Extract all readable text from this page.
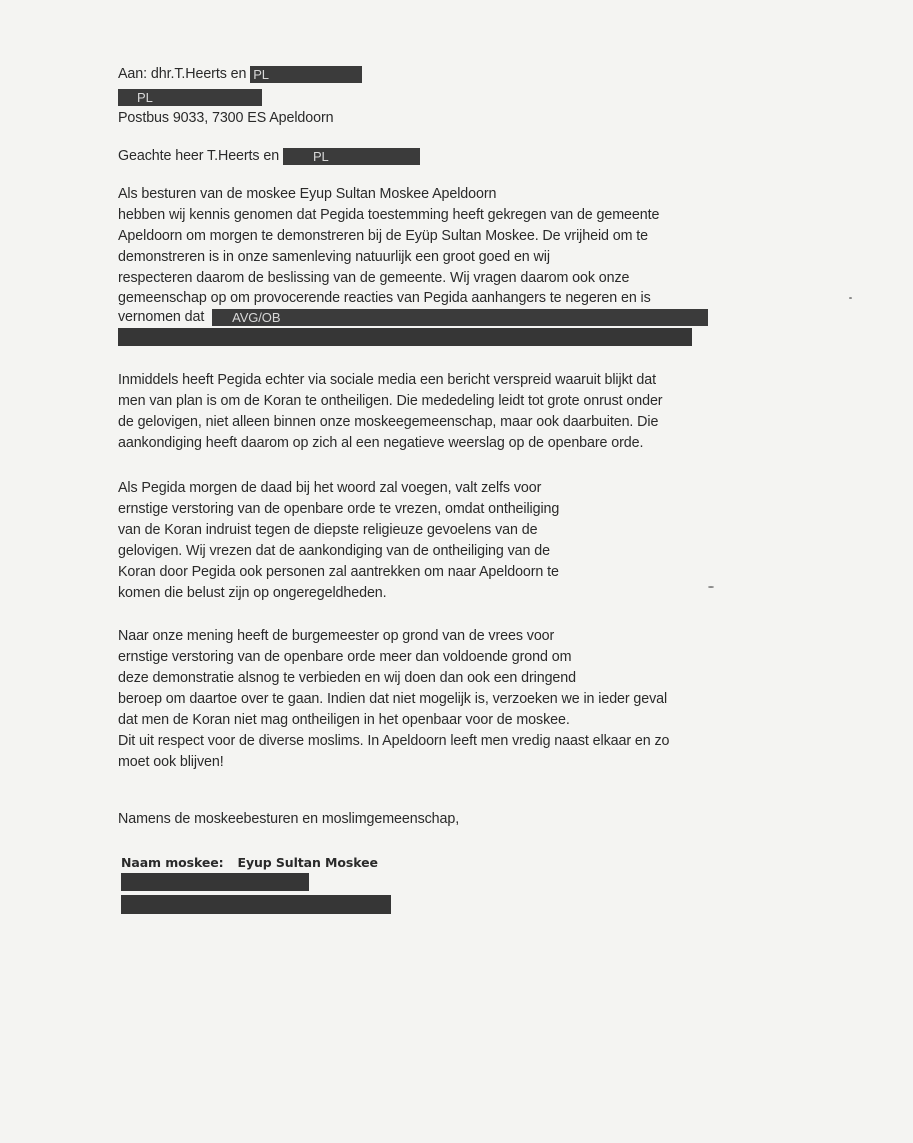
Aan: dhr.T.Heerts en PL
PL
Postbus 9033, 7300 ES Apeldoorn
Geachte heer T.Heerts en	PL
Als besturen van de moskee Eyup Sultan Moskee Apeldoorn
hebben wij kennis genomen dat Pegida toestemming heeft gekregen van de gemeente
Apeldoorn om morgen te demonstreren bij de Eyüp Sultan Moskee. De vrijheid om te
demonstreren is in onze samenleving natuurlijk een groot goed en wij
respecteren daarom de beslissing van de gemeente. Wij vragen daarom ook onze
gemeenschap op om provocerende reacties van Pegida aanhangers te negeren en is
vernomen dat AVG/OB
Inmiddels heeft Pegida echter via sociale media een bericht verspreid waaruit blijkt dat
men van plan is om de Koran te ontheiligen. Die mededeling leidt tot grote onrust onder
de gelovigen, niet alleen binnen onze moskeegemeenschap, maar ook daarbuiten. Die
aankondiging heeft daarom op zich al een negatieve weerslag op de openbare orde.
Als Pegida morgen de daad bij het woord zal voegen, valt zelfs voor
ernstige verstoring van de openbare orde te vrezen, omdat ontheiliging
van de Koran indruist tegen de diepste religieuze gevoelens van de
gelovigen. Wij vrezen dat de aankondiging van de ontheiliging van de
Koran door Pegida ook personen zal aantrekken om naar Apeldoorn te
komen die belust zijn op ongeregeldheden.
Naar onze mening heeft de burgemeester op grond van de vrees voor
ernstige verstoring van de openbare orde meer dan voldoende grond om
deze demonstratie alsnog te verbieden en wij doen dan ook een dringend
beroep om daartoe over te gaan. Indien dat niet mogelijk is, verzoeken we in ieder geval
dat men de Koran niet mag ontheiligen in het openbaar voor de moskee.
Dit uit respect voor de diverse moslims. In Apeldoorn leeft men vredig naast elkaar en zo
moet ook blijven!
Namens de moskeebesturen en moslimgemeenschap,
Naam moskee: Eyup Sultan Moskee
